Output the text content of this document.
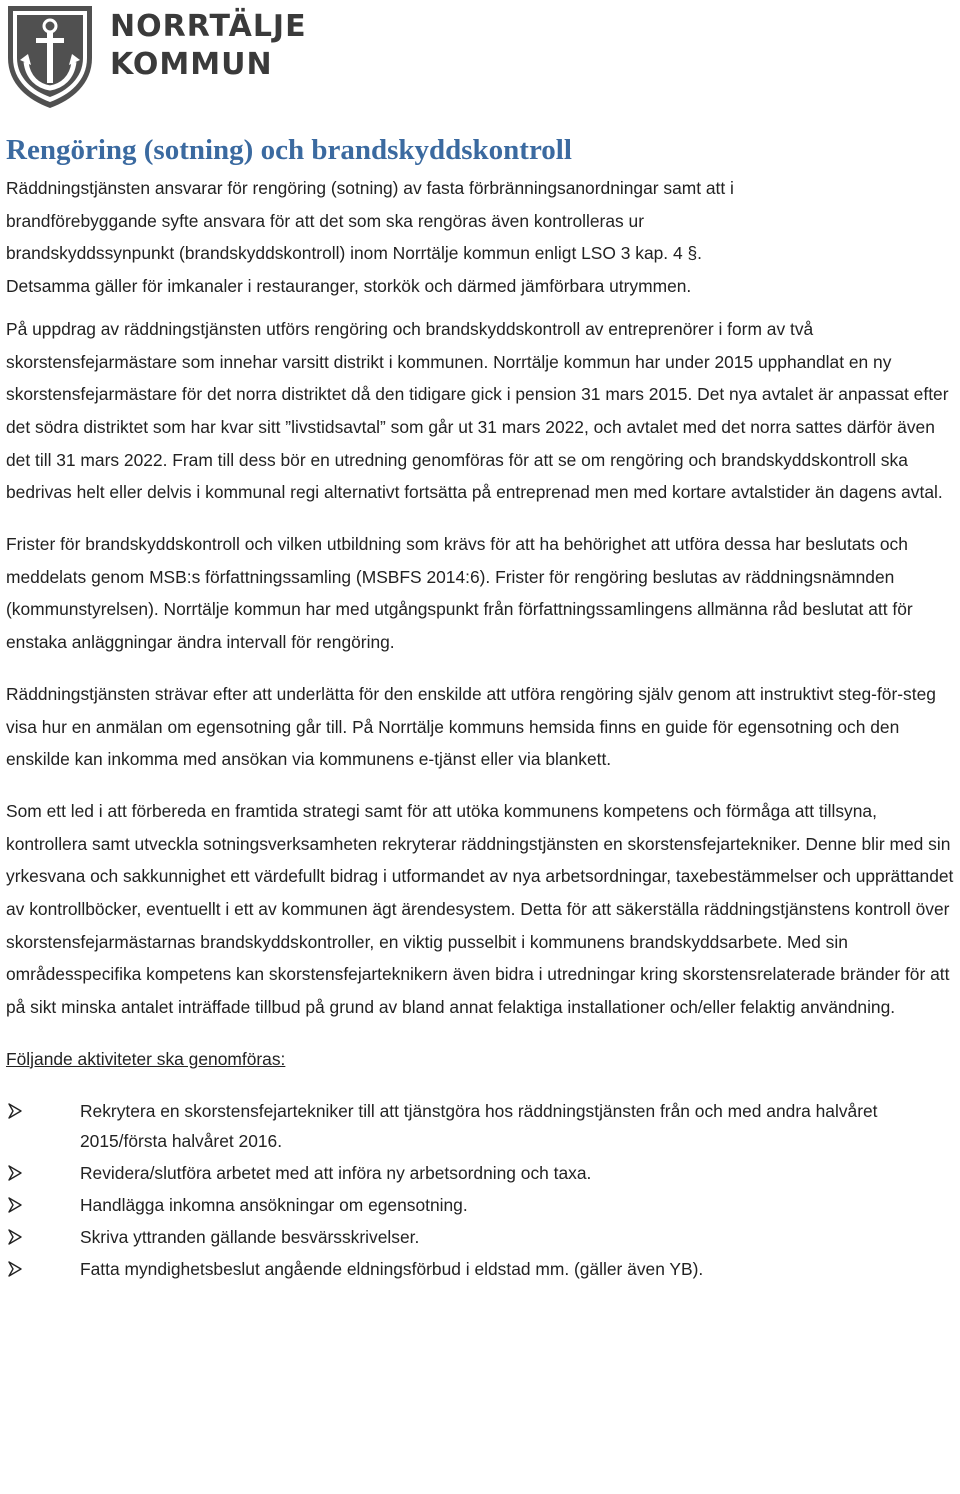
NORRTÄLJE
KOMMUN
Rengöring (sotning) och brandskyddskontroll

Räddningstjänsten ansvarar för rengöring (sotning) av fasta förbränningsanordningar samt att i
brandförebyggande syfte ansvara för att det som ska rengöras även kontrolleras ur
brandskyddssynpunkt (brandskyddskontroll) inom Norrtälje kommun enligt LSO 3 kap. 4 §.
Detsamma gäller för imkanaler i restauranger, storkök och därmed jämförbara utrymmen.

På uppdrag av räddningstjänsten utförs rengöring och brandskyddskontroll av entreprenörer i form av två skorstensfejarmästare som innehar varsitt distrikt i kommunen. Norrtälje kommun har under 2015 upphandlat en ny skorstensfejarmästare för det norra distriktet då den tidigare gick i pension 31 mars 2015. Det nya avtalet är anpassat efter det södra distriktet som har kvar sitt ”livstidsavtal” som går ut 31 mars 2022, och avtalet med det norra sattes därför även det till 31 mars 2022. Fram till dess bör en utredning genomföras för att se om rengöring och brandskyddskontroll ska bedrivas helt eller delvis i kommunal regi alternativt fortsätta på entreprenad men med kortare avtalstider än dagens avtal.

Frister för brandskyddskontroll och vilken utbildning som krävs för att ha behörighet att utföra dessa har beslutats och meddelats genom MSB:s författningssamling (MSBFS 2014:6). Frister för rengöring beslutas av räddningsnämnden (kommunstyrelsen). Norrtälje kommun har med utgångspunkt från författningssamlingens allmänna råd beslutat att för enstaka anläggningar ändra intervall för rengöring.

Räddningstjänsten strävar efter att underlätta för den enskilde att utföra rengöring själv genom att instruktivt steg-för-steg visa hur en anmälan om egensotning går till. På Norrtälje kommuns hemsida finns en guide för egensotning och den enskilde kan inkomma med ansökan via kommunens e-tjänst eller via blankett.

Som ett led i att förbereda en framtida strategi samt för att utöka kommunens kompetens och förmåga att tillsyna, kontrollera samt utveckla sotningsverksamheten rekryterar räddningstjänsten en skorstensfejartekniker. Denne blir med sin yrkesvana och sakkunnighet ett värdefullt bidrag i utformandet av nya arbetsordningar, taxebestämmelser och upprättandet av kontrollböcker, eventuellt i ett av kommunen ägt ärendesystem. Detta för att säkerställa räddningstjänstens kontroll över skorstensfejarmästarnas brandskyddskontroller, en viktig pusselbit i kommunens brandskyddsarbete. Med sin områdesspecifika kompetens kan skorstensfejarteknikern även bidra i utredningar kring skorstensrelaterade bränder för att på sikt minska antalet inträffade tillbud på grund av bland annat felaktiga installationer och/eller felaktig användning.

Följande aktiviteter ska genomföras:
Rekrytera en skorstensfejartekniker till att tjänstgöra hos räddningstjänsten från och med andra halvåret 2015/första halvåret 2016.
Revidera/slutföra arbetet med att införa ny arbetsordning och taxa.
Handlägga inkomna ansökningar om egensotning.
Skriva yttranden gällande besvärsskrivelser.
Fatta myndighetsbeslut angående eldningsförbud i eldstad mm. (gäller även YB).
